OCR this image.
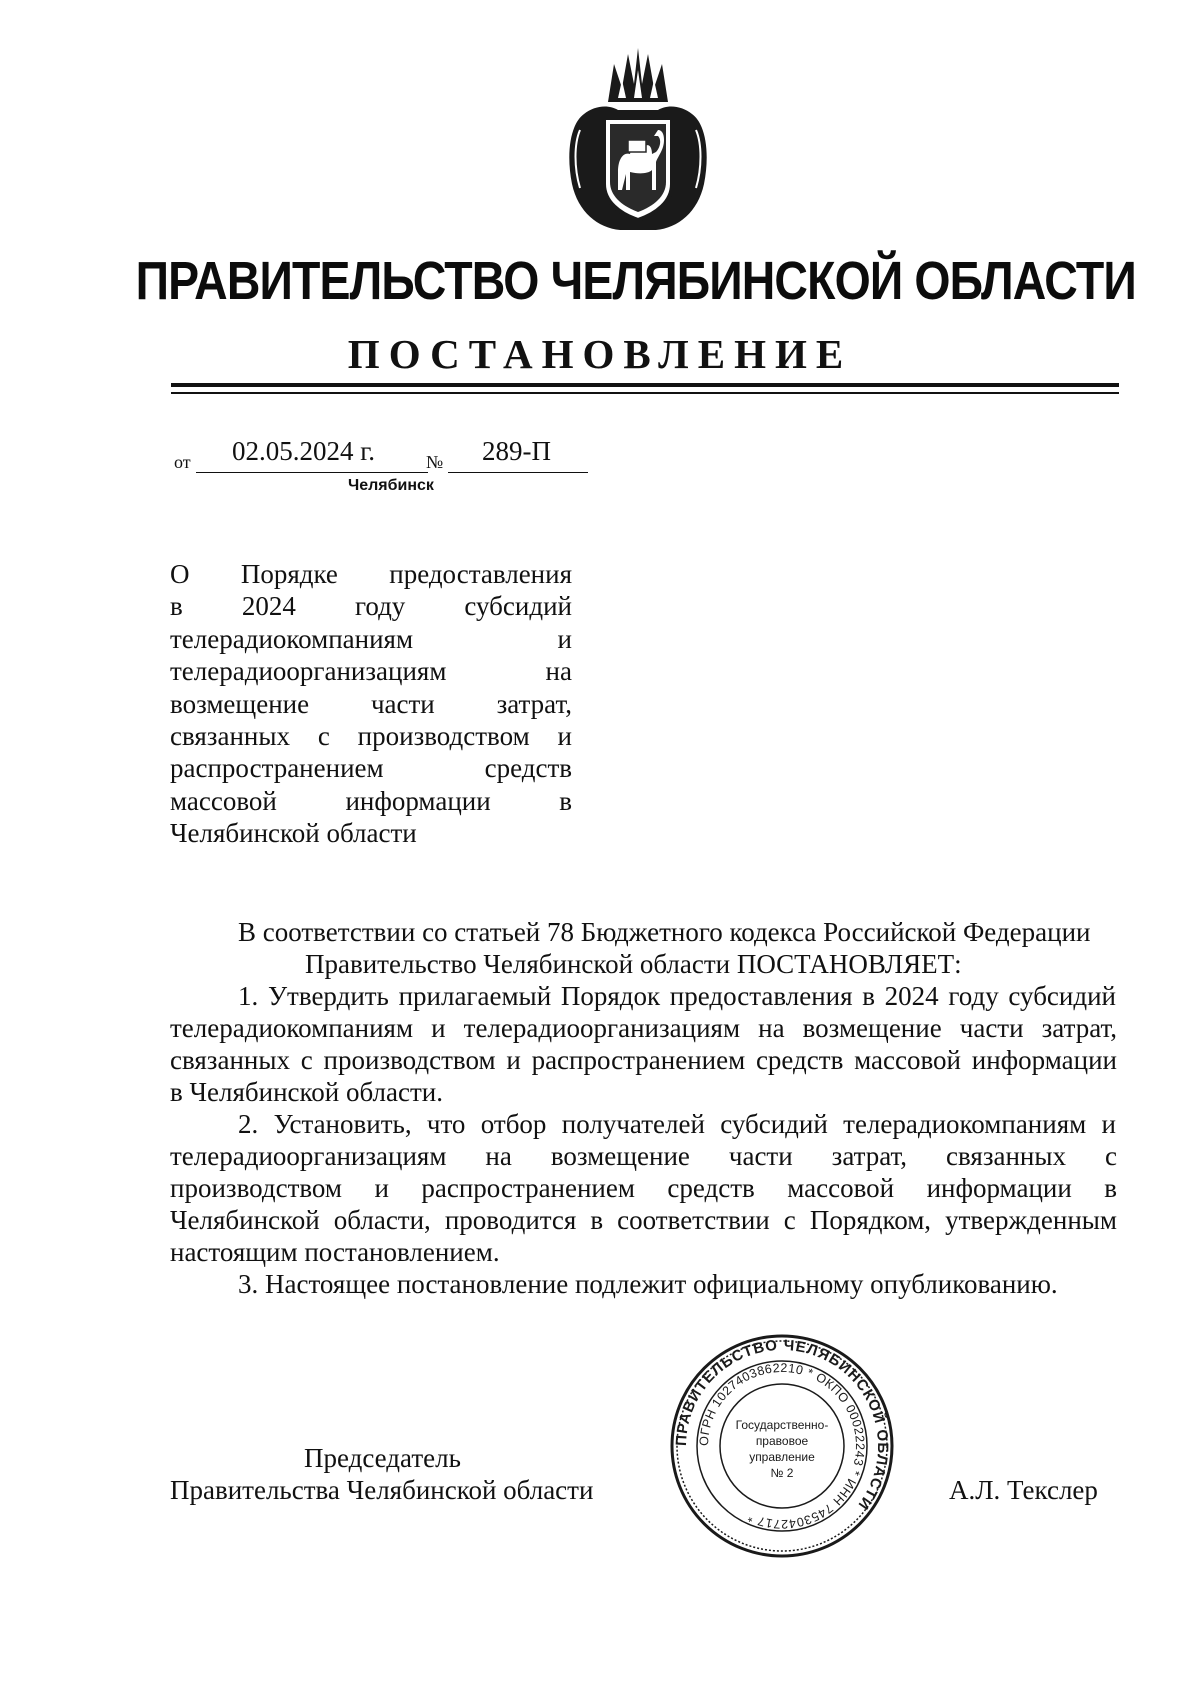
ПРАВИТЕЛЬСТВО ЧЕЛЯБИНСКОЙ ОБЛАСТИ
ПОСТАНОВЛЕНИЕ
от 02.05.2024 г.	№ 289-П
Челябинск
О Порядке предоставления
в 2024 году субсидий
телерадиокомпаниям и
телерадиоорганизациям на
возмещение части затрат,
связанных с производством и
распространением средств
массовой информации в
Челябинской области
В соответствии со статьей 78 Бюджетного кодекса Российской Федерации
Правительство Челябинской области ПОСТАНОВЛЯЕТ:
1. Утвердить прилагаемый Порядок предоставления в 2024 году субсидий
телерадиокомпаниям и телерадиоорганизациям на возмещение части затрат,
связанных с производством и распространением средств массовой информации
в Челябинской области.
2. Установить, что отбор получателей субсидий телерадиокомпаниям и
телерадиоорганизациям на возмещение части затрат, связанных с
производством и распространением средств массовой информации в
Челябинской области, проводится в соответствии с Порядком, утвержденным
настоящим постановлением.
3. Настоящее постановление подлежит официальному опубликованию.
Председатель
Правительства Челябинской области	А.Л. Текслер
ПРАВИТЕЛЬСТВО ЧЕЛЯБИНСКОЙ ОБЛАСТИ
ОГРН 1027403862210 * ОКПО 00022243 * ИНН 7453042717 *
Государственно-
правовое
управление
№ 2
